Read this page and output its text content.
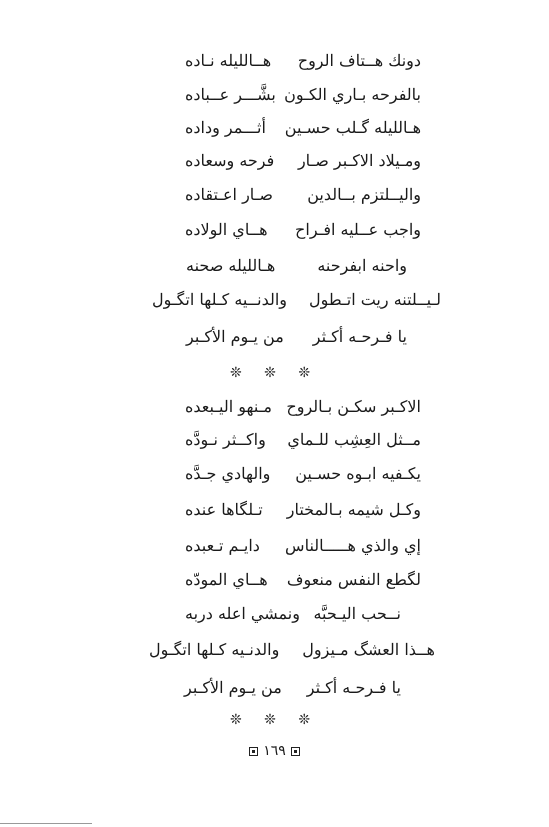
دونك هــتاف الروح
هــالليله نـاده
بالفرحه بـاري الكـون
بشَّـــر عــباده
هـالليله گـلب حسـين
أثـــمر وداده
ومـيلاد الاكـبر صـار
فرحه وسعاده
واليــلتزم بــالدين
صـار اعـتقاده
واجب عــليه افـراح
هــاي الولاده
واحنه ابفرحنه
هـالليله صحنه
لـيــلتنه ريت اتـطول
والدنــيه كـلها اتگـول
يا فـرحـه أكـثر
من يـوم الأكـبر
❊ ❊ ❊
الاكـبر سكـن بـالروح
مـنهو اليـبعده
مــثل العِشِب للـماي
واكــثر نـودَّه
يكـفيه ابـوه حسـين
والهادي جـدَّه
وكـل شيمه بـالمختار
تـلگاها عنده
إي والذي هـــــالناس
دايـم تـعبده
لگطع النفس منعوف
هــاي المودّه
نــحب اليـحبَّه
ونمشي اعله دربه
هــذا العشگ مـيزول
والدنـيه كـلها اتگـول
يا فـرحـه أكـثر
من يـوم الأكـبر
❊ ❊ ❊
١٦٩
